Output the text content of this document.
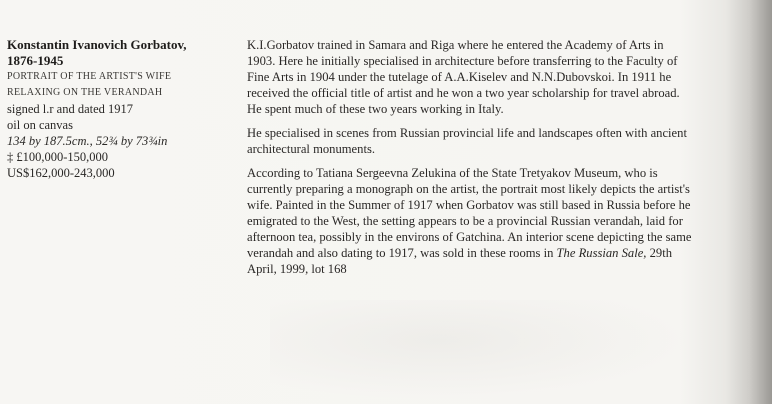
Konstantin Ivanovich Gorbatov,

1876-1945

PORTRAIT OF THE ARTIST'S WIFE

RELAXING ON THE VERANDAH

signed l.r and dated 1917

oil on canvas

134 by 187.5cm., 52¾ by 73¾in

‡ £100,000-150,000

US$162,000-243,000

K.I.Gorbatov trained in Samara and Riga where he entered the Academy of Arts in 1903. Here he initially specialised in architecture before transferring to the Faculty of Fine Arts in 1904 under the tutelage of A.A.Kiselev and N.N.Dubovskoi. In 1911 he received the official title of artist and he won a two year scholarship for travel abroad. He spent much of these two years working in Italy.

He specialised in scenes from Russian provincial life and landscapes often with ancient architectural monuments.

According to Tatiana Sergeevna Zelukina of the State Tretyakov Museum, who is currently preparing a monograph on the artist, the portrait most likely depicts the artist's wife. Painted in the Summer of 1917 when Gorbatov was still based in Russia before he emigrated to the West, the setting appears to be a provincial Russian verandah, laid for afternoon tea, possibly in the environs of Gatchina. An interior scene depicting the same verandah and also dating to 1917, was sold in these rooms in The Russian Sale, 29th April, 1999, lot 168
